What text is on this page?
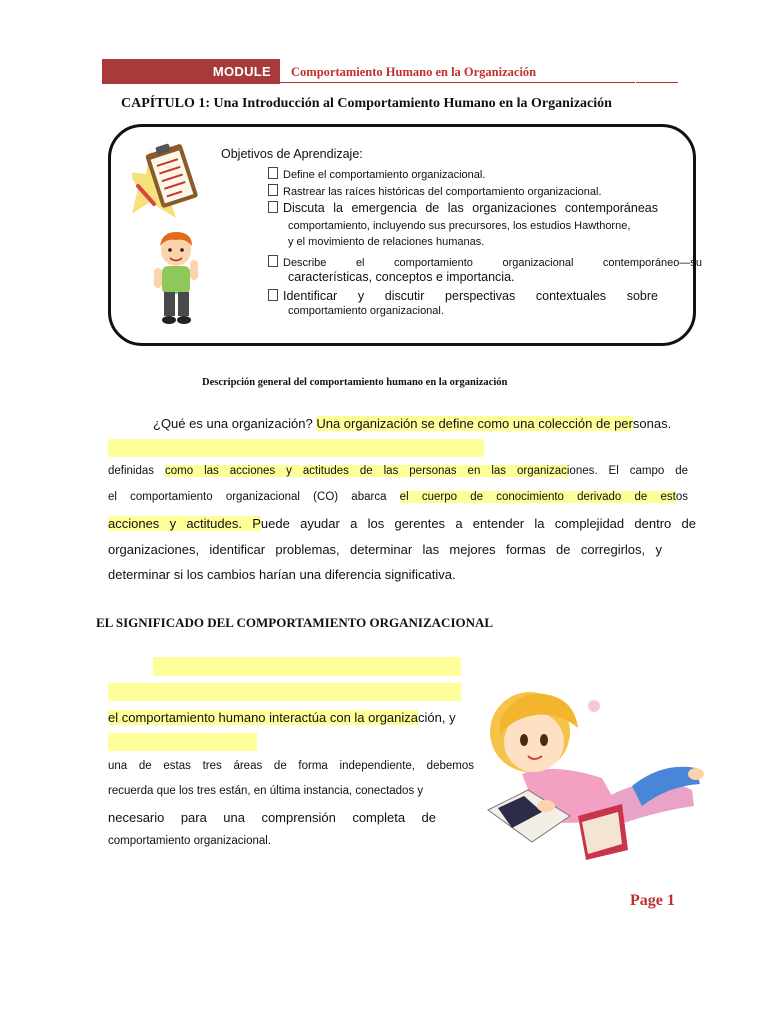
MODULE Comportamiento Humano en la Organización
CAPÍTULO 1: Una Introducción al Comportamiento Humano en la Organización
Objetivos de Aprendizaje:
Define el comportamiento organizacional.
Rastrear las raíces históricas del comportamiento organizacional.
Discuta la emergencia de las organizaciones contemporáneas
comportamiento, incluyendo sus precursores, los estudios Hawthorne,
y el movimiento de relaciones humanas.
Describe el comportamiento organizacional contemporáneo—su
características, conceptos e importancia.
Identificar y discutir perspectivas contextuales sobre
comportamiento organizacional.
Descripción general del comportamiento humano en la organización
¿Qué es una organización? Una organización se define como una colección de personas.
definidas como las acciones y actitudes de las personas en las organizaciones. El campo de
el comportamiento organizacional (CO) abarca el cuerpo de conocimiento derivado de estos
acciones y actitudes. Puede ayudar a los gerentes a entender la complejidad dentro de
organizaciones, identificar problemas, determinar las mejores formas de corregirlos, y
determinar si los cambios harían una diferencia significativa.
EL SIGNIFICADO DEL COMPORTAMIENTO ORGANIZACIONAL
el comportamiento humano interactúa con la organización, y
una de estas tres áreas de forma independiente, debemos
recuerda que los tres están, en última instancia, conectados y
necesario para una comprensión completa de
comportamiento organizacional.
Page 1
